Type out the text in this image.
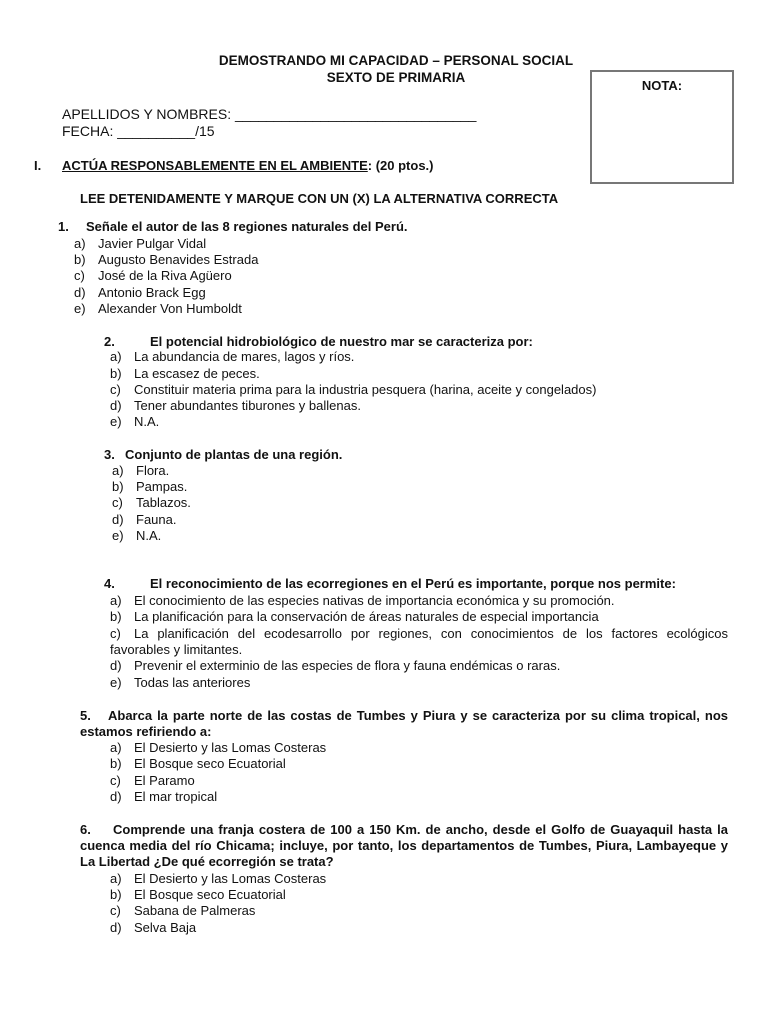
DEMOSTRANDO MI CAPACIDAD – PERSONAL SOCIAL
SEXTO DE PRIMARIA
NOTA:
APELLIDOS Y NOMBRES: _______________________________
FECHA: __________/15
I. ACTÚA RESPONSABLEMENTE EN EL AMBIENTE: (20 ptos.)
LEE DETENIDAMENTE Y MARQUE CON UN (X) LA ALTERNATIVA CORRECTA
1. Señale el autor de las 8 regiones naturales del Perú.
a) Javier Pulgar Vidal
b) Augusto Benavides Estrada
c) José de la Riva Agüero
d) Antonio Brack Egg
e) Alexander Von Humboldt
2.	El potencial hidrobiológico de nuestro mar se caracteriza por:
a) La abundancia de mares, lagos y ríos.
b) La escasez de peces.
c) Constituir materia prima para la industria pesquera (harina, aceite y congelados)
d) Tener abundantes tiburones y ballenas.
e) N.A.
3. Conjunto de plantas de una región.
a) Flora.
b) Pampas.
c) Tablazos.
d) Fauna.
e) N.A.
4.	El reconocimiento de las ecorregiones en el Perú es importante, porque nos permite:
a) El conocimiento de las especies nativas de importancia económica y su promoción.
b) La planificación para la conservación de áreas naturales de especial importancia
c) La planificación del ecodesarrollo por regiones, con conocimientos de los factores ecológicos favorables y limitantes.
d) Prevenir el exterminio de las especies de flora y fauna endémicas o raras.
e) Todas las anteriores
5. Abarca la parte norte de las costas de Tumbes y Piura y se caracteriza por su clima tropical, nos estamos refiriendo a:
a) El Desierto y las Lomas Costeras
b) El Bosque seco Ecuatorial
c) El Paramo
d) El mar tropical
6. Comprende una franja costera de 100 a 150 Km. de ancho, desde el Golfo de Guayaquil hasta la cuenca media del río Chicama; incluye, por tanto, los departamentos de Tumbes, Piura, Lambayeque y La Libertad ¿De qué ecorregión se trata?
a) El Desierto y las Lomas Costeras
b) El Bosque seco Ecuatorial
c) Sabana de Palmeras
d) Selva Baja
